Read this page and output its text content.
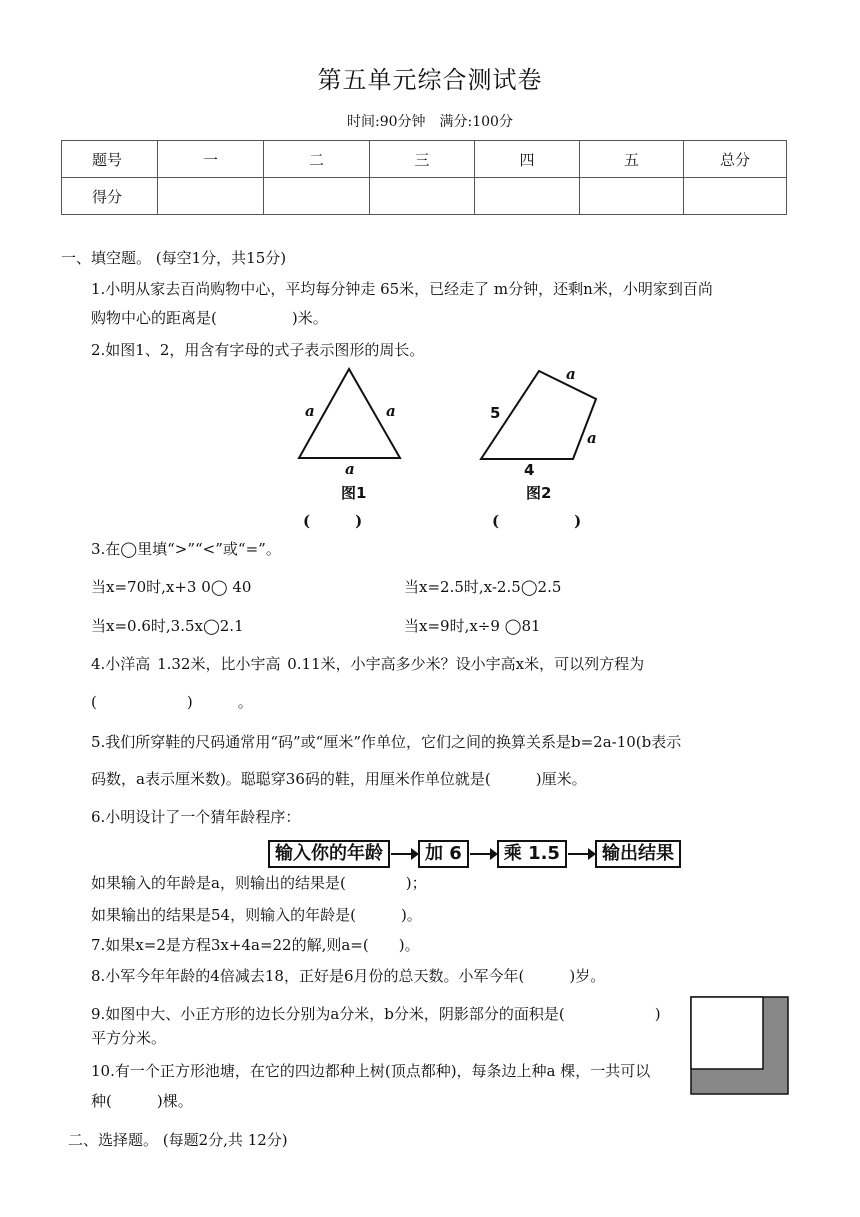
第五单元综合测试卷
时间:90分钟　满分:100分
题号	一	二	三	四	五	总分
得分						
一、填空题。 (每空1分，共15分)
1.小明从家去百尚购物中心，平均每分钟走 65米，已经走了 m分钟，还剩n米，小明家到百尚
购物中心的距离是(　　　　　)米。
2.如图1、2，用含有字母的式子表示图形的周长。
a	a
a
图1
(　　　)
a
5
a
4
图2
(　　　　　)
3.在◯里填“>”“<”或“=”。
当x=70时,x+3 0◯ 40	当x=2.5时,x-2.5◯2.5
当x=0.6时,3.5x◯2.1	当x=9时,x÷9 ◯81
4.小洋高 1.32米，比小宇高 0.11米，小宇高多少米？设小宇高x米，可以列方程为
(　　　　　　)　　　。
5.我们所穿鞋的尺码通常用“码”或“厘米”作单位，它们之间的换算关系是b=2a-10(b表示
码数，a表示厘米数)。聪聪穿36码的鞋，用厘米作单位就是(　　　)厘米。
6.小明设计了一个猜年龄程序：
输入你的年龄	加 6	乘 1.5	输出结果
如果输入的年龄是a，则输出的结果是(　　　　)；
如果输出的结果是54，则输入的年龄是(　　　)。
7.如果x=2是方程3x+4a=22的解,则a=(　　)。
8.小军今年年龄的4倍减去18，正好是6月份的总天数。小军今年(　　　)岁。
9.如图中大、小正方形的边长分别为a分米，b分米，阴影部分的面积是(　　　　　　)
平方分米。
10.有一个正方形池塘，在它的四边都种上树(顶点都种)，每条边上种a 棵，一共可以
种(　　　)棵。
二、选择题。 (每题2分,共 12分)
